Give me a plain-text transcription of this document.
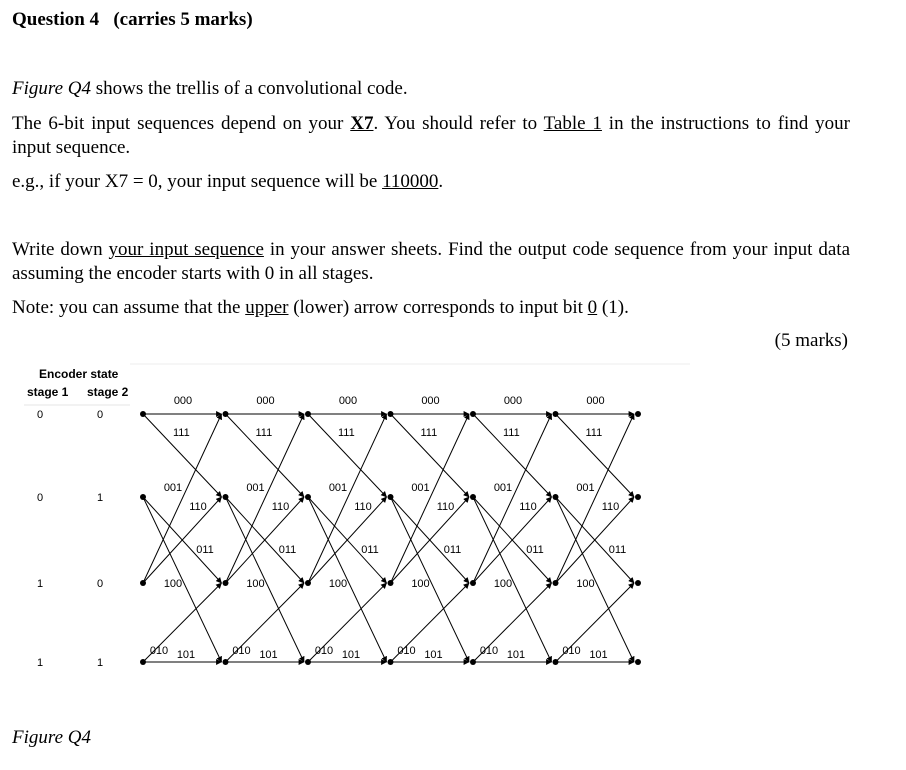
Question 4 (carries 5 marks)
Figure Q4 shows the trellis of a convolutional code.
The 6-bit input sequences depend on your X7. You should refer to Table 1 in the instructions to find your input sequence.
e.g., if your X7 = 0, your input sequence will be 110000.
Write down your input sequence in your answer sheets. Find the output code sequence from your input data assuming the encoder starts with 0 in all stages.
Note: you can assume that the upper (lower) arrow corresponds to input bit 0 (1).
(5 marks)
Encoder state
stage 1 stage 2
0	0
0	1
1	0
1	1
000
111
001
110
011
100
010 101
000
111
001
110
011
100
010 101
000
111
001
110
011
100
010 101
000
111
001
110
011
100
010 101
000
111
001
110
011
100
010 101
000
111
001
110
011
100
010 101
Figure Q4
